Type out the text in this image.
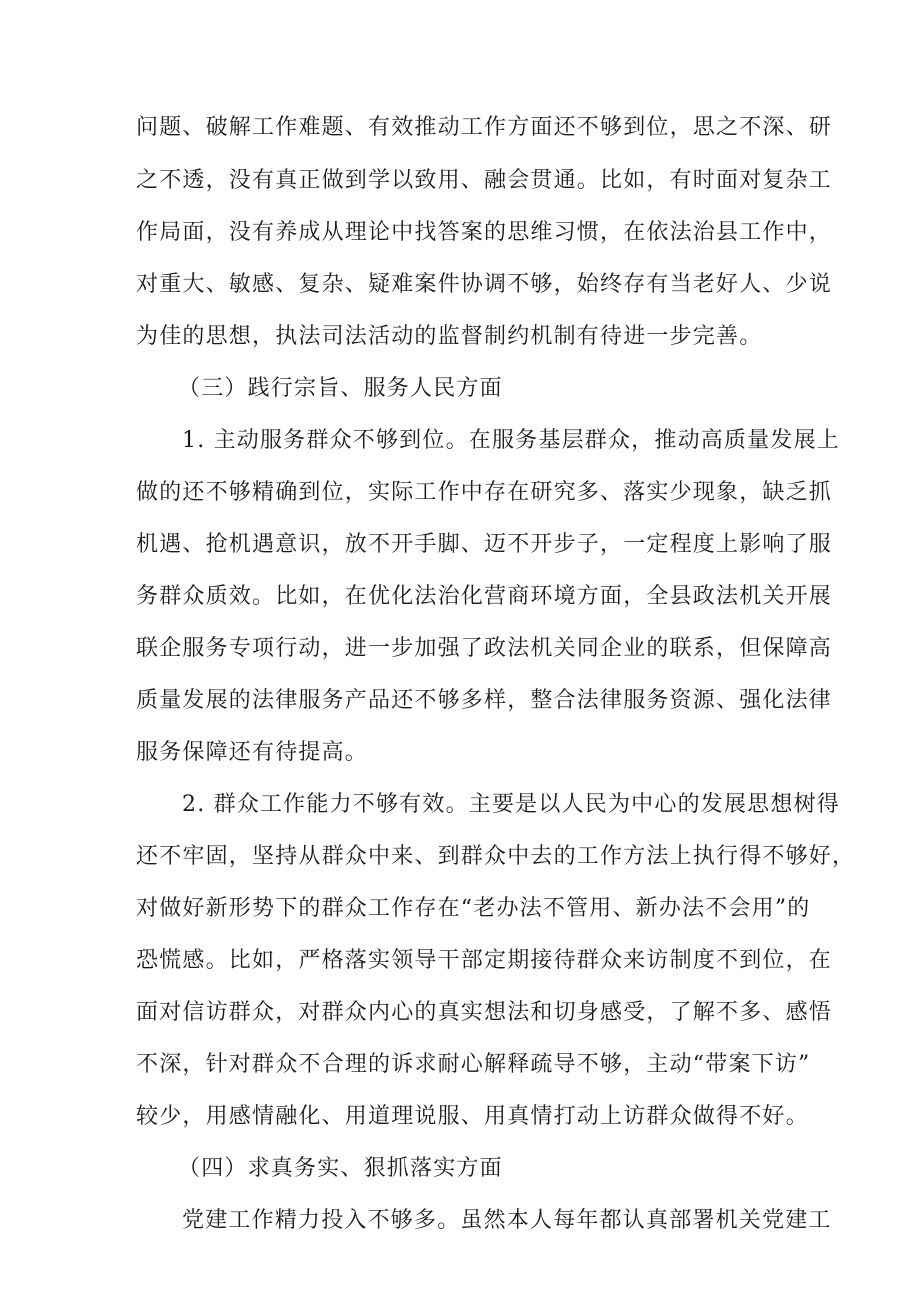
问题、破解工作难题、有效推动工作方面还不够到位，思之不深、研
之不透，没有真正做到学以致用、融会贯通。比如，有时面对复杂工
作局面，没有养成从理论中找答案的思维习惯，在依法治县工作中，
对重大、敏感、复杂、疑难案件协调不够，始终存有当老好人、少说
为佳的思想，执法司法活动的监督制约机制有待进一步完善。
（三）践行宗旨、服务人民方面
1. 主动服务群众不够到位。在服务基层群众，推动高质量发展上
做的还不够精确到位，实际工作中存在研究多、落实少现象，缺乏抓
机遇、抢机遇意识，放不开手脚、迈不开步子，一定程度上影响了服
务群众质效。比如，在优化法治化营商环境方面，全县政法机关开展
联企服务专项行动，进一步加强了政法机关同企业的联系，但保障高
质量发展的法律服务产品还不够多样，整合法律服务资源、强化法律
服务保障还有待提高。
2. 群众工作能力不够有效。主要是以人民为中心的发展思想树得
还不牢固，坚持从群众中来、到群众中去的工作方法上执行得不够好，
对做好新形势下的群众工作存在“老办法不管用、新办法不会用”的
恐慌感。比如，严格落实领导干部定期接待群众来访制度不到位，在
面对信访群众，对群众内心的真实想法和切身感受，了解不多、感悟
不深，针对群众不合理的诉求耐心解释疏导不够，主动“带案下访”
较少，用感情融化、用道理说服、用真情打动上访群众做得不好。
（四）求真务实、狠抓落实方面
党建工作精力投入不够多。虽然本人每年都认真部署机关党建工
